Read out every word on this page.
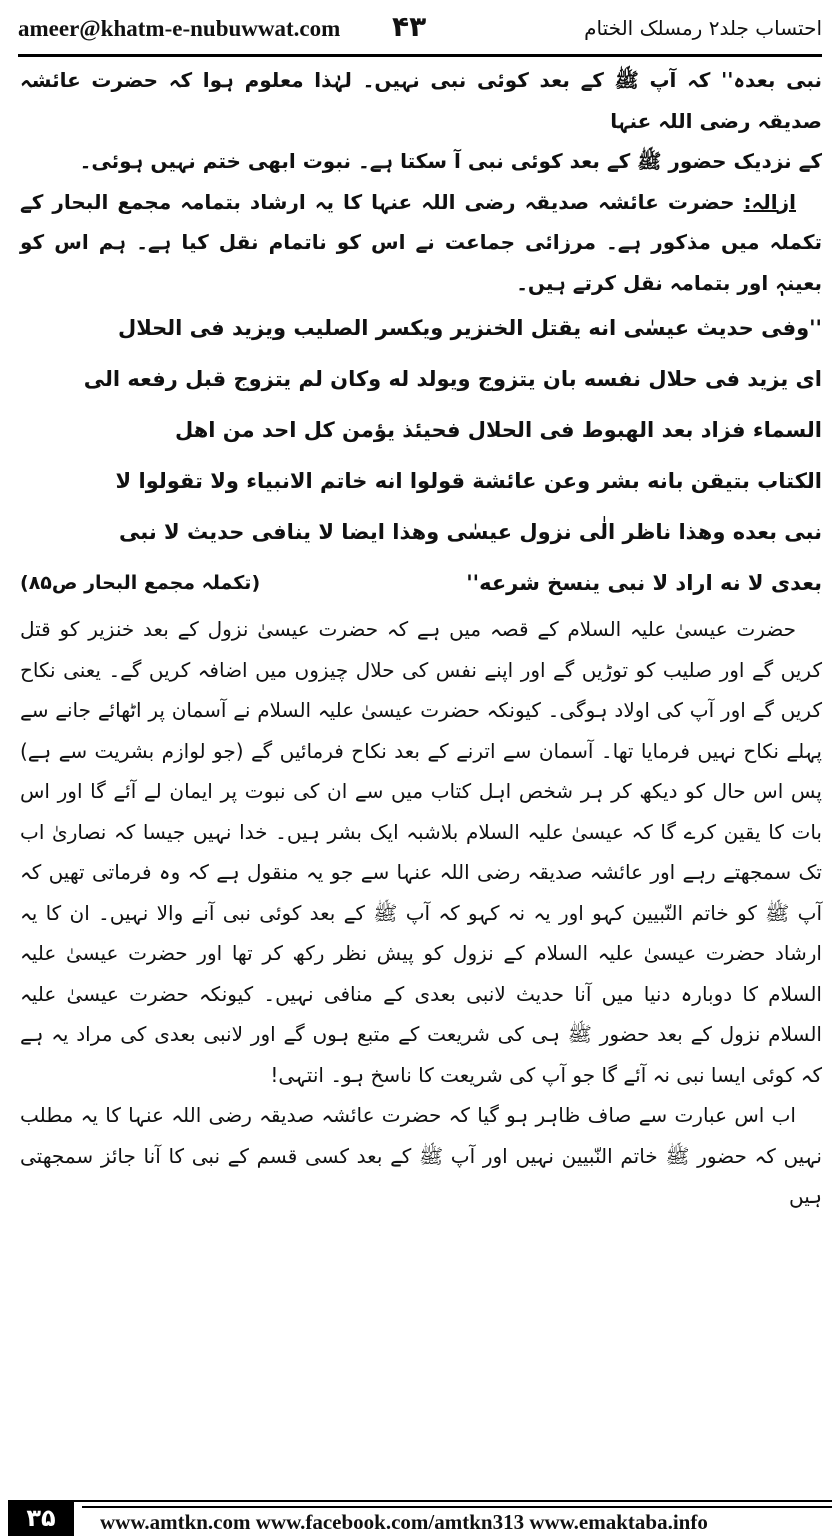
ameer@khatm-e-nubuwwat.com ۴۳	احتساب جلد۲ رمسلک الختام

نبی بعدہ'' کہ آپ ﷺ کے بعد کوئی نبی نہیں۔ لہٰذا معلوم ہوا کہ حضرت عائشہ صدیقہ رضی اللہ عنہا

کے نزدیک حضور ﷺ کے بعد کوئی نبی آ سکتا ہے۔ نبوت ابھی ختم نہیں ہوئی۔

ازالہ: حضرت عائشہ صدیقہ رضی اللہ عنہا کا یہ ارشاد بتمامہ مجمع البحار کے تکملہ میں مذکور ہے۔ مرزائی جماعت نے اس کو ناتمام نقل کیا ہے۔ ہم اس کو بعینہٖ اور بتمامہ نقل کرتے ہیں۔

''وفی حدیث عیسٰی انه یقتل الخنزیر ویکسر الصلیب ویزید فی الحلال

ای یزید فی حلال نفسه بان یتزوج ویولد له وکان لم یتزوج قبل رفعه الی

السماء فزاد بعد الهبوط فی الحلال فحیئذ یؤمن کل احد من اهل

الکتاب بتیقن بانه بشر وعن عائشة قولوا انه خاتم الانبیاء ولا تقولوا لا

نبی بعده وهذا ناظر الٰی نزول عیسٰی وهذا ایضا لا ینافی حدیث لا نبی

بعدی لا نه اراد لا نبی ینسخ شرعه''
(تکملہ مجمع البحار ص۸۵)

حضرت عیسیٰ علیہ السلام کے قصہ میں ہے کہ حضرت عیسیٰ نزول کے بعد خنزیر کو قتل کریں گے اور صلیب کو توڑیں گے اور اپنے نفس کی حلال چیزوں میں اضافہ کریں گے۔ یعنی نکاح کریں گے اور آپ کی اولاد ہوگی۔ کیونکہ حضرت عیسیٰ علیہ السلام نے آسمان پر اٹھائے جانے سے پہلے نکاح نہیں فرمایا تھا۔ آسمان سے اترنے کے بعد نکاح فرمائیں گے (جو لوازم بشریت سے ہے) پس اس حال کو دیکھ کر ہر شخص اہل کتاب میں سے ان کی نبوت پر ایمان لے آئے گا اور اس بات کا یقین کرے گا کہ عیسیٰ علیہ السلام بلاشبہ ایک بشر ہیں۔ خدا نہیں جیسا کہ نصاریٰ اب تک سمجھتے رہے اور عائشہ صدیقہ رضی اللہ عنہا سے جو یہ منقول ہے کہ وہ فرماتی تھیں کہ آپ ﷺ کو خاتم النّبیین کہو اور یہ نہ کہو کہ آپ ﷺ کے بعد کوئی نبی آنے والا نہیں۔ ان کا یہ ارشاد حضرت عیسیٰ علیہ السلام کے نزول کو پیش نظر رکھ کر تھا اور حضرت عیسیٰ علیہ السلام کا دوبارہ دنیا میں آنا حدیث لانبی بعدی کے منافی نہیں۔ کیونکہ حضرت عیسیٰ علیہ السلام نزول کے بعد حضور ﷺ ہی کی شریعت کے متبع ہوں گے اور لانبی بعدی کی مراد یہ ہے کہ کوئی ایسا نبی نہ آئے گا جو آپ کی شریعت کا ناسخ ہو۔ انتہی!

اب اس عبارت سے صاف ظاہر ہو گیا کہ حضرت عائشہ صدیقہ رضی اللہ عنہا کا یہ مطلب نہیں کہ حضور ﷺ خاتم النّبیین نہیں اور آپ ﷺ کے بعد کسی قسم کے نبی کا آنا جائز سمجھتی ہیں

۳۵	www.amtkn.com www.facebook.com/amtkn313 www.emaktaba.info
